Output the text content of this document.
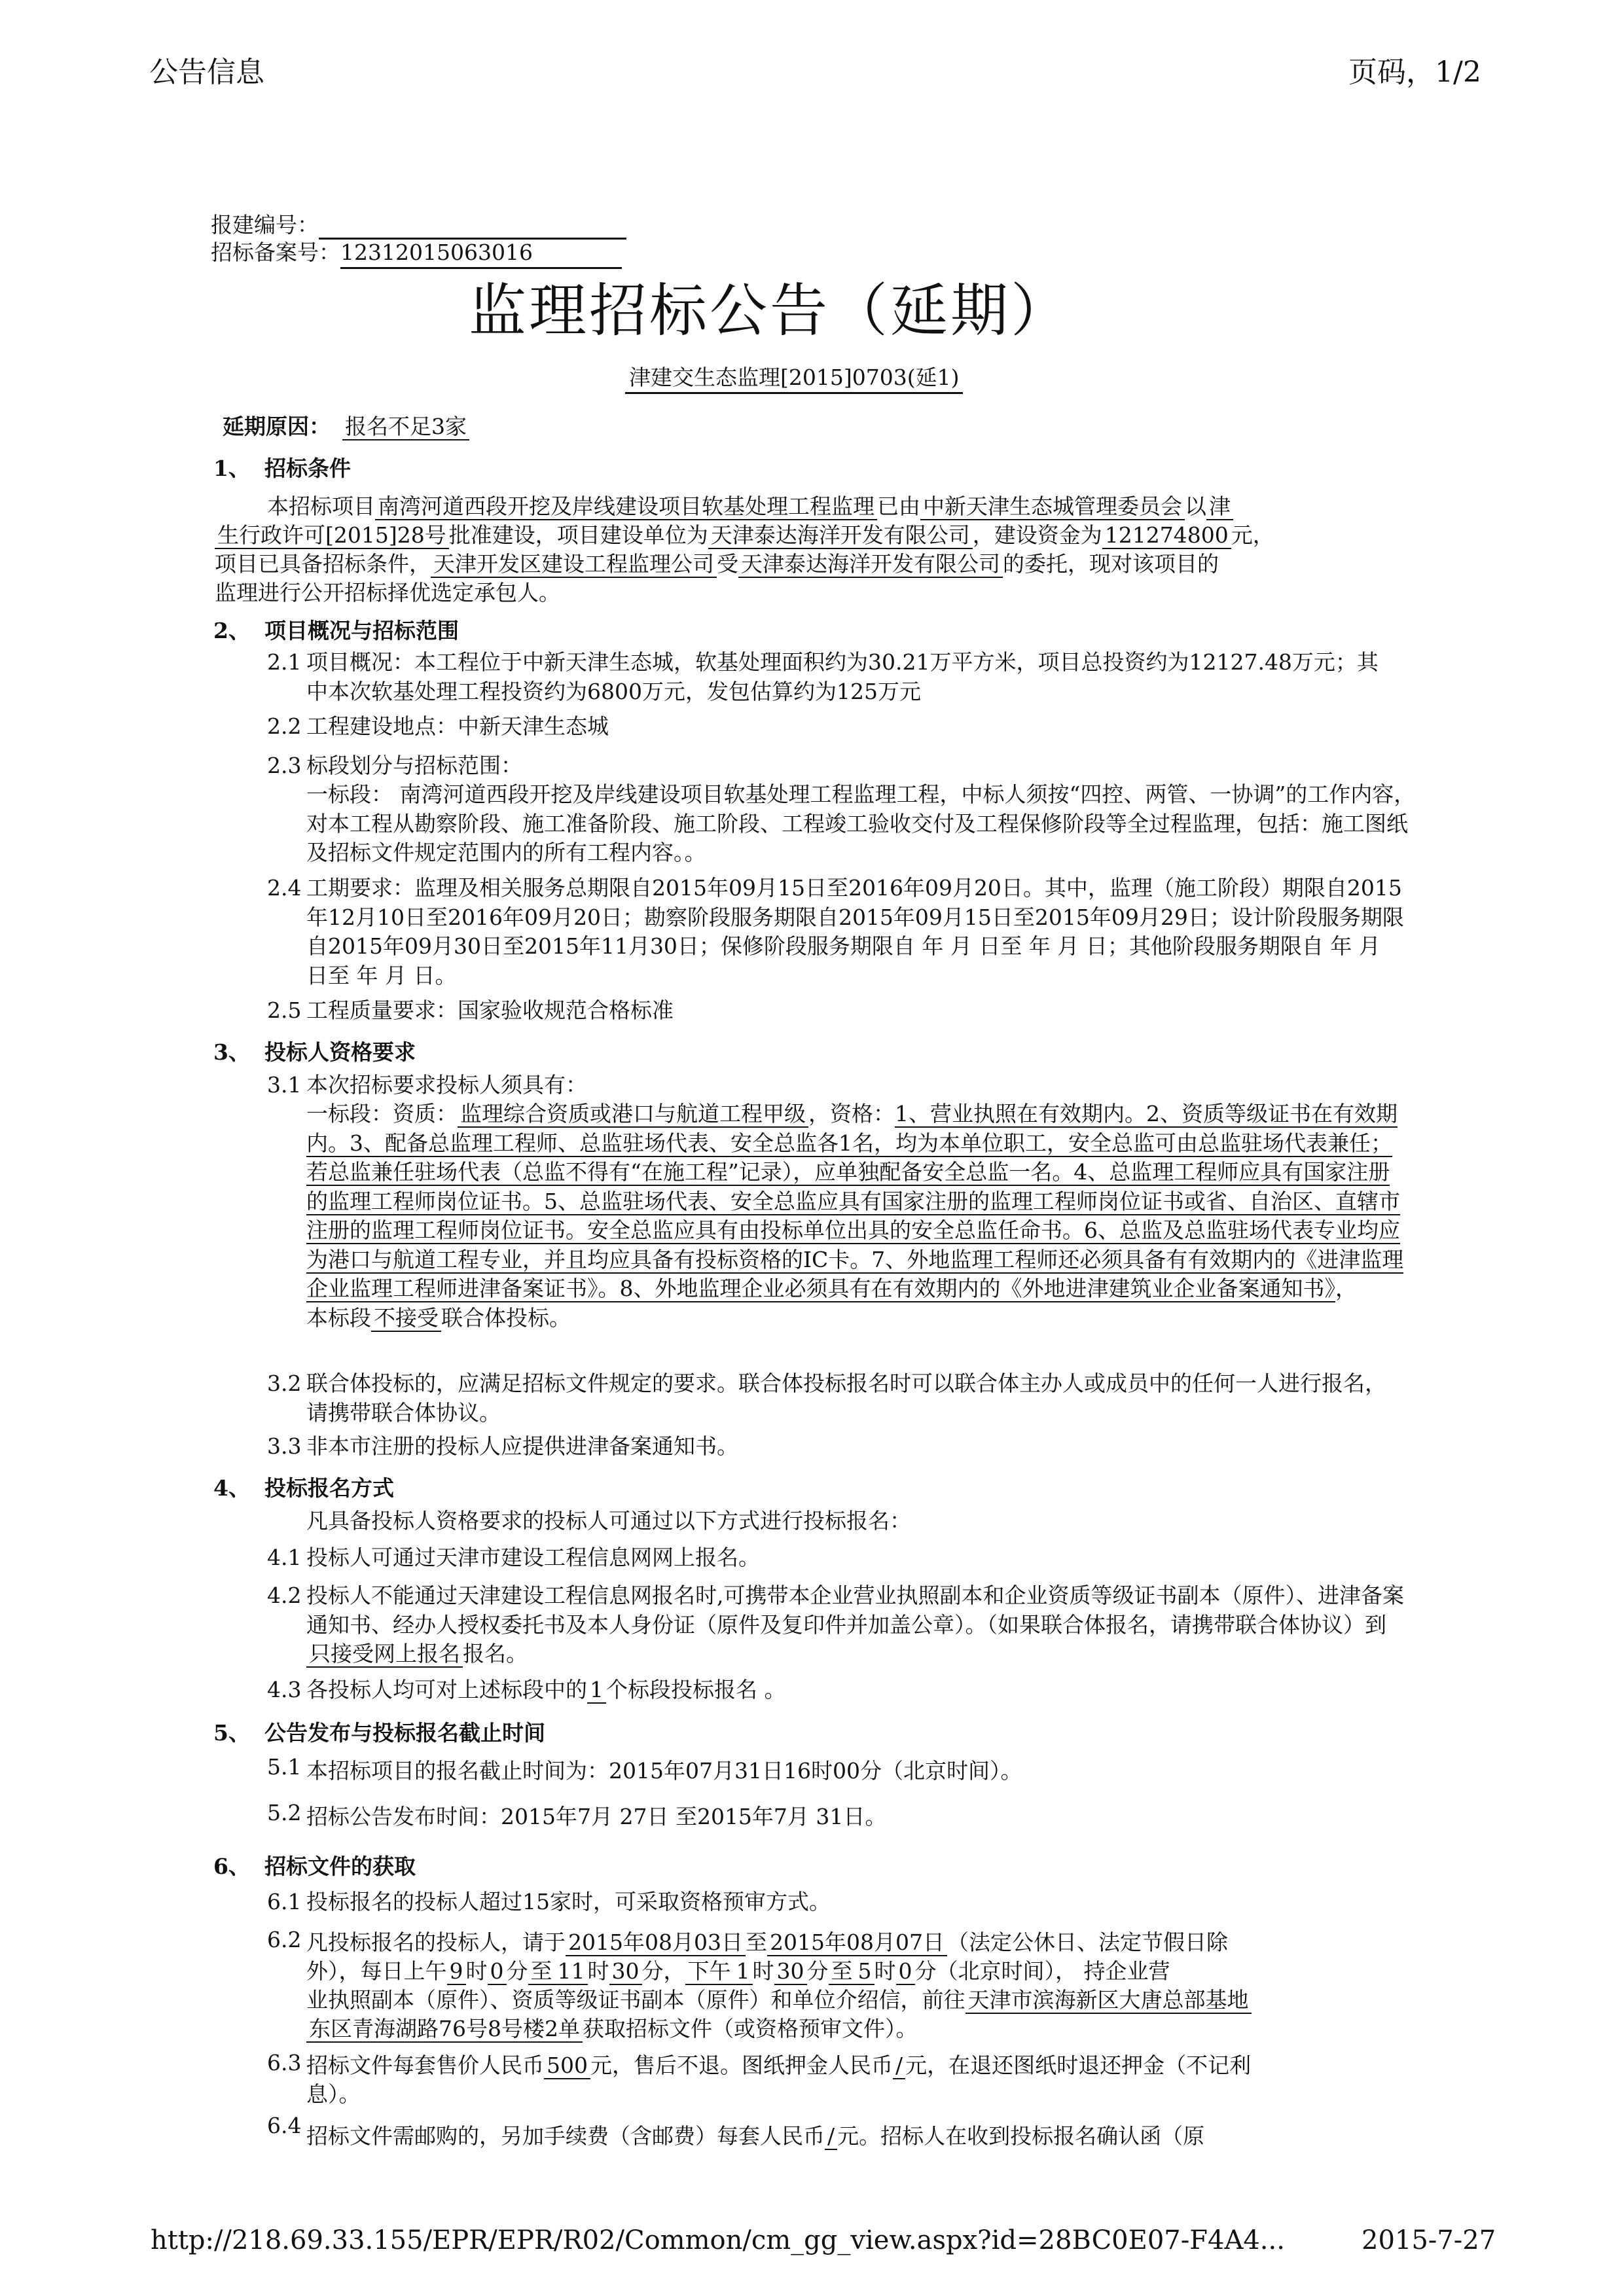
公告信息	页码，1/2
报建编号：
招标备案号：12312015063016
监理招标公告（延期）
津建交生态监理[2015]0703(延1)
延期原因： 报名不足3家
1、 招标条件
本招标项目 南湾河道西段开挖及岸线建设项目软基处理工程监理 已由 中新天津生态城管理委员会 以 津
生行政许可[2015]28号 批准建设，项目建设单位为 天津泰达海洋开发有限公司 ，建设资金为 121274800 元，
项目已具备招标条件， 天津开发区建设工程监理公司 受 天津泰达海洋开发有限公司 的委托，现对该项目的
监理进行公开招标择优选定承包人。
2、 项目概况与招标范围
2.1 项目概况：本工程位于中新天津生态城，软基处理面积约为30.21万平方米，项目总投资约为12127.48万元；其中本次软基处理工程投资约为6800万元，发包估算约为125万元
2.2 工程建设地点：中新天津生态城
2.3 标段划分与招标范围：
一标段： 南湾河道西段开挖及岸线建设项目软基处理工程监理工程，中标人须按“四控、两管、一协调”的工作内容，对本工程从勘察阶段、施工准备阶段、施工阶段、工程竣工验收交付及工程保修阶段等全过程监理，包括：施工图纸及招标文件规定范围内的所有工程内容。。
2.4 工期要求：监理及相关服务总期限自2015年09月15日至2016年09月20日。其中，监理（施工阶段）期限自2015年12月10日至2016年09月20日；勘察阶段服务期限自2015年09月15日至2015年09月29日；设计阶段服务期限自2015年09月30日至2015年11月30日；保修阶段服务期限自 年 月 日至 年 月 日；其他阶段服务期限自 年 月 日至 年 月 日。
2.5 工程质量要求：国家验收规范合格标准
3、 投标人资格要求
3.1 本次招标要求投标人须具有：
一标段：资质： 监理综合资质或港口与航道工程甲级 ，资格：1、营业执照在有效期内。2、资质等级证书在有效期内。3、配备总监理工程师、总监驻场代表、安全总监各1名，均为本单位职工，安全总监可由总监驻场代表兼任；若总监兼任驻场代表（总监不得有“在施工程”记录），应单独配备安全总监一名。4、总监理工程师应具有国家注册的监理工程师岗位证书。5、总监驻场代表、安全总监应具有国家注册的监理工程师岗位证书或省、自治区、直辖市注册的监理工程师岗位证书。安全总监应具有由投标单位出具的安全总监任命书。6、总监及总监驻场代表专业均应为港口与航道工程专业，并且均应具备有投标资格的IC卡。7、外地监理工程师还必须具备有有效期内的《进津监理企业监理工程师进津备案证书》。8、外地监理企业必须具有在有效期内的《外地进津建筑业企业备案通知书》，
本标段 不接受 联合体投标。
3.2 联合体投标的，应满足招标文件规定的要求。联合体投标报名时可以联合体主办人或成员中的任何一人进行报名，请携带联合体协议。
3.3 非本市注册的投标人应提供进津备案通知书。
4、 投标报名方式
凡具备投标人资格要求的投标人可通过以下方式进行投标报名：
4.1 投标人可通过天津市建设工程信息网网上报名。
4.2 投标人不能通过天津建设工程信息网报名时,可携带本企业营业执照副本和企业资质等级证书副本（原件）、进津备案通知书、经办人授权委托书及本人身份证（原件及复印件并加盖公章）。（如果联合体报名，请携带联合体协议）到只接受网上报名 报名。
4.3 各投标人均可对上述标段中的 1 个标段投标报名 。
5、 公告发布与投标报名截止时间
5.1 本招标项目的报名截止时间为：2015年07月31日16时00分（北京时间）。
5.2 招标公告发布时间：2015年7月 27日 至2015年7月 31日。
6、 招标文件的获取
6.1 投标报名的投标人超过15家时，可采取资格预审方式。
6.2 凡投标报名的投标人，请于 2015年08月03日 至 2015年08月07日 （法定公休日、法定节假日除
外），每日上午 9 时 0 分 至 11 时 30 分， 下午 1 时 30 分 至 5 时 0 分（北京时间）， 持企业营
业执照副本（原件）、资质等级证书副本（原件）和单位介绍信，前往 天津市滨海新区大唐总部基地
东区青海湖路76号8号楼2单 获取招标文件（或资格预审文件）。
6.3 招标文件每套售价人民币 500 元，售后不退。图纸押金人民币 / 元，在退还图纸时退还押金（不记利
息）。
6.4 招标文件需邮购的，另加手续费（含邮费）每套人民币 / 元。招标人在收到投标报名确认函（原
http://218.69.33.155/EPR/EPR/R02/Common/cm_gg_view.aspx?id=28BC0E07-F4A4...	2015-7-27
